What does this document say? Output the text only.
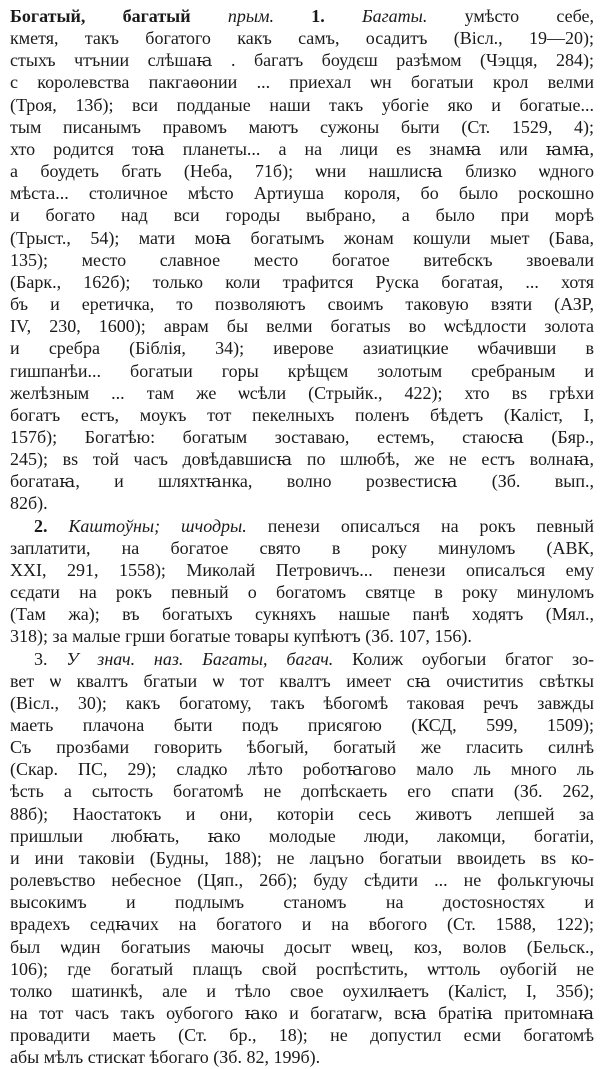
Богатый, багатый прым. 1. Багаты. умѣсто себе,
кметя, такъ богатого какъ самъ, осадитъ (Віcл., 19—20);
стыхъ чтънии слѣшаꙗ . багатъ боудєш разѣмом (Чэцця, 284);
с королевства пакгаѳонии ... приехал ѡн богатыи крол велми
(Троя, 13б); вси подданые наши такъ убогіе яко и богатые...
тым писанымъ правомъ маютъ сужоны быти (Ст. 1529, 4);
хто родится тоꙗ планеты... а на лици еѕ знамꙗ или ꙗмꙗ,
а боудеть бгать (Неба, 71б); ѡни нашлисꙗ близко ѡдного
мѣста... столичное мѣсто Артиуша короля, бо было роскошно
и богато над вси городы выбрано, а было при морѣ
(Трыст., 54); мати моꙗ богатымъ жонам кошули мыет (Бава,
135); место славное место богатое витебскъ звоевали
(Барк., 162б); только коли трафится Руска богатая, ... хотя
бъ и еретичка, то позволяютъ своимъ таковую взяти (АЗР,
IV, 230, 1600); аврам бы велми богатыѕ во ѡсѣдлости золота
и сребра (Біблія, 34); иверове азиатицкие ѡбачивши в
гишпанѣи... богатыи горы крѣщєм золотым сребраным и
желѣзным ... там же ѡсѣли (Стрыйк., 422); хто вѕ грѣхи
богатъ естъ, моукъ тот пекелныхъ поленъ бѣдетъ (Каліст, I,
157б); Богатѣю: богатым зоставаю, естемъ, стаюсꙗ (Бяр.,
245); вѕ той часъ довѣдавшисꙗ по шлюбѣ, же не естъ волнаꙗ,
богатаꙗ, и шляхтꙗнка, волно розвестисꙗ (Зб. вып.,
82б).
2. Каштоўны; шчодры. пенези описалъся на рокъ певный
заплатити, на богатое свято в року минуломъ (АВК,
XXI, 291, 1558); Миколай Петровичъ... пенези описалъся ему
сєдати на рокъ певный о богатомъ святце в року минуломъ
(Там жа); въ богатыхъ сукняхъ нашые панѣ ходятъ (Мял.,
318); за малые грши богатые товары купѣютъ (Зб. 107, 156).
3. У знач. наз. Багаты, багач. Колиж оубогыи бгатог зо-
вет ѡ квалтъ бгатыи ѡ тот квалтъ имеет сꙗ очиститиѕ свѣткы
(Віcл., 30); какъ богатому, такъ ѣбогомѣ таковая речъ завжды
маеть плачона быти подъ присягою (КСД, 599, 1509);
Съ прозбами говорить ѣбогый, богатый же гласить силнѣ
(Скар. ПС, 29); сладко лѣто роботꙗгово мало ль много ль
ѣсть а сытость богатомѣ не допѣскаеть его спати (Зб. 262,
88б); Наостатокъ и они, которіи сесь животъ лепшей за
пришлыи любꙗть, ꙗко молодые люди, лакомци, богатіи,
и ини таковіи (Будны, 188); не лацъно богатыи ввоидеть вѕ ко-
ролевъство небесное (Цяп., 26б); буду сѣдити ... не фолькгуючы
высокимъ и подлымъ станомъ на достоѕностях и
врадехъ седꙗчих на богатого и на вбогого (Ст. 1588, 122);
был ѡдин богатыиѕ маючы досыт ѡвец, коз, волов (Бельск.,
106); где богатый плащъ свой роспѣстить, ѡттоль оубогій не
толко шатинкѣ, але и тѣло свое оухилꙗетъ (Каліст, I, 35б);
на тот часъ такъ оубогого ꙗко и богатагѡ, всꙗ братіꙗ притомнаꙗ
провадити маеть (Ст. бр., 18); не допустил есми богатомѣ
абы мѣлъ стискат ѣбогаго (Зб. 82, 199б).
